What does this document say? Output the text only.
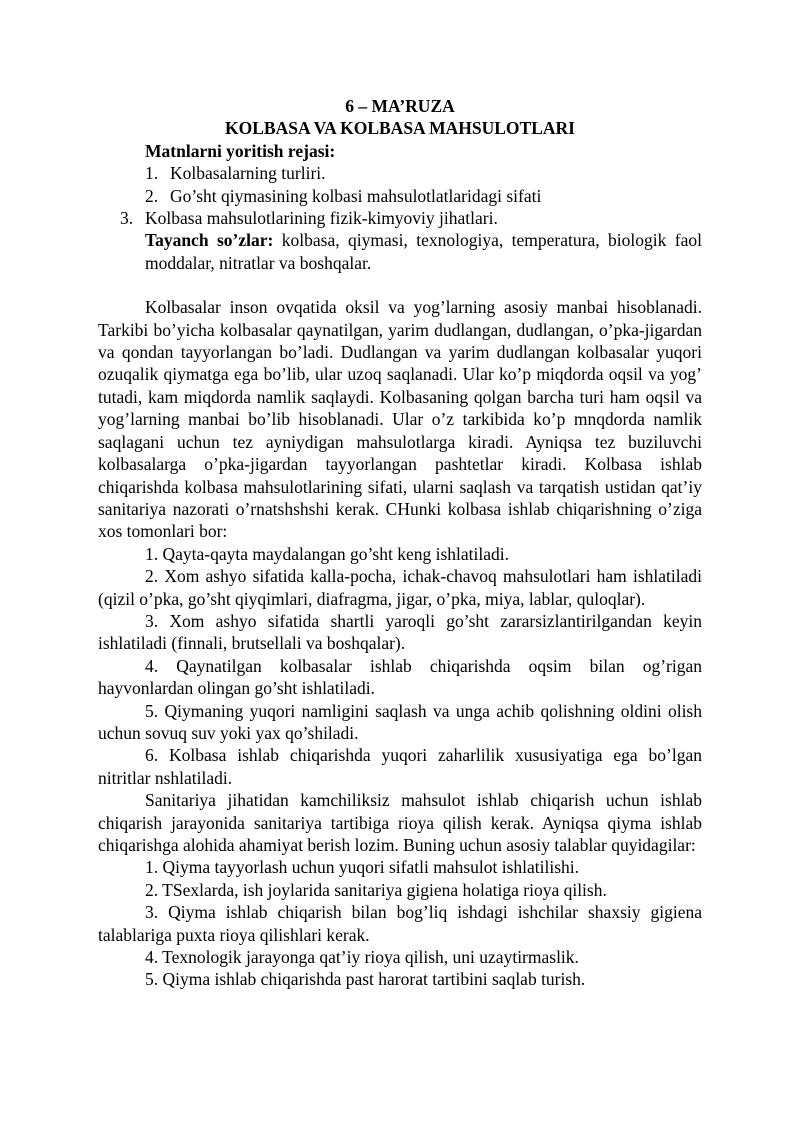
6 – MA’RUZA

KOLBASA VA KOLBASA MAHSULOTLARI

Matnlarni yoritish rejasi:

1. Kolbasalarning turliri.
2. Go’sht qiymasining kolbasi mahsulotlatlaridagi sifati
3. Kolbasa mahsulotlarining fizik-kimyoviy jihatlari.

Tayanch so’zlar: kolbasa, qiymasi, texnologiya, temperatura, biologik faol moddalar, nitratlar va boshqalar.

Kolbasalar inson ovqatida oksil va yog’larning asosiy manbai hisoblanadi. Tarkibi bo’yicha kolbasalar qaynatilgan, yarim dudlangan, dudlangan, o’pka-jigardan va qondan tayyorlangan bo’ladi. Dudlangan va yarim dudlangan kolbasalar yuqori ozuqalik qiymatga ega bo’lib, ular uzoq saqlanadi. Ular ko’p miqdorda oqsil va yog’ tutadi, kam miqdorda namlik saqlaydi. Kolbasaning qolgan barcha turi ham oqsil va yog’larning manbai bo’lib hisoblanadi. Ular o’z tarkibida ko’p mnqdorda namlik saqlagani uchun tez ayniydigan mahsulotlarga kiradi. Ayniqsa tez buziluvchi kolbasalarga o’pka-jigardan tayyorlangan pashtetlar kiradi. Kolbasa ishlab chiqarishda kolbasa mahsulotlarining sifati, ularni saqlash va tarqatish ustidan qat’iy sanitariya nazorati o’rnatshshshi kerak. CHunki kolbasa ishlab chiqarishning o’ziga xos tomonlari bor:

1. Qayta-qayta maydalangan go’sht keng ishlatiladi.

2. Xom ashyo sifatida kalla-pocha, ichak-chavoq mahsulotlari ham ishlatiladi (qizil o’pka, go’sht qiyqimlari, diafragma, jigar, o’pka, miya, lablar, quloqlar).

3. Xom ashyo sifatida shartli yaroqli go’sht zararsizlantirilgandan keyin ishlatiladi (finnali, brutsellali va boshqalar).

4. Qaynatilgan kolbasalar ishlab chiqarishda oqsim bilan og’rigan hayvonlardan olingan go’sht ishlatiladi.

5. Qiymaning yuqori namligini saqlash va unga achib qolishning oldini olish uchun sovuq suv yoki yax qo’shiladi.

6. Kolbasa ishlab chiqarishda yuqori zaharlilik xususiyatiga ega bo’lgan nitritlar nshlatiladi.

Sanitariya jihatidan kamchiliksiz mahsulot ishlab chiqarish uchun ishlab chiqarish jarayonida sanitariya tartibiga rioya qilish kerak. Ayniqsa qiyma ishlab chiqarishga alohida ahamiyat berish lozim. Buning uchun asosiy talablar quyidagilar:

1. Qiyma tayyorlash uchun yuqori sifatli mahsulot ishlatilishi.

2. TSexlarda, ish joylarida sanitariya gigiena holatiga rioya qilish.

3. Qiyma ishlab chiqarish bilan bog’liq ishdagi ishchilar shaxsiy gigiena talablariga puxta rioya qilishlari kerak.

4. Texnologik jarayonga qat’iy rioya qilish, uni uzaytirmaslik.

5. Qiyma ishlab chiqarishda past harorat tartibini saqlab turish.
